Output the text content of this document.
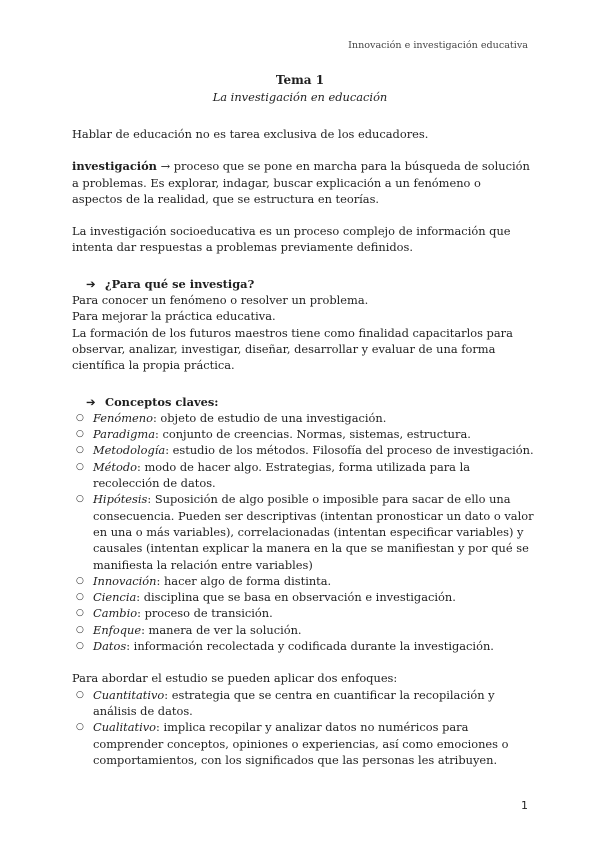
Innovación e investigación educativa
Tema 1
La investigación en educación

Hablar de educación no es tarea exclusiva de los educadores.

investigación → proceso que se pone en marcha para la búsqueda de solución a problemas. Es explorar, indagar, buscar explicación a un fenómeno o aspectos de la realidad, que se estructura en teorías.

La investigación socioeducativa es un proceso complejo de información que intenta dar respuestas a problemas previamente definidos.

➔ ¿Para qué se investiga?

Para conocer un fenómeno o resolver un problema.

Para mejorar la práctica educativa.

La formación de los futuros maestros tiene como finalidad capacitarlos para observar, analizar, investigar, diseñar, desarrollar y evaluar de una forma científica la propia práctica.

➔ Conceptos claves:
○ Fenómeno: objeto de estudio de una investigación.
○ Paradigma: conjunto de creencias. Normas, sistemas, estructura.
○ Metodología: estudio de los métodos. Filosofía del proceso de investigación.
○ Método: modo de hacer algo. Estrategias, forma utilizada para la recolección de datos.
○ Hipótesis: Suposición de algo posible o imposible para sacar de ello una consecuencia. Pueden ser descriptivas (intentan pronosticar un dato o valor en una o más variables), correlacionadas (intentan especificar variables) y causales (intentan explicar la manera en la que se manifiestan y por qué se manifiesta la relación entre variables)
○ Innovación: hacer algo de forma distinta.
○ Ciencia: disciplina que se basa en observación e investigación.
○ Cambio: proceso de transición.
○ Enfoque: manera de ver la solución.
○ Datos: información recolectada y codificada durante la investigación.

Para abordar el estudio se pueden aplicar dos enfoques:

○ Cuantitativo: estrategia que se centra en cuantificar la recopilación y análisis de datos.
○ Cualitativo: implica recopilar y analizar datos no numéricos para comprender conceptos, opiniones o experiencias, así como emociones o comportamientos, con los significados que las personas les atribuyen.
1
